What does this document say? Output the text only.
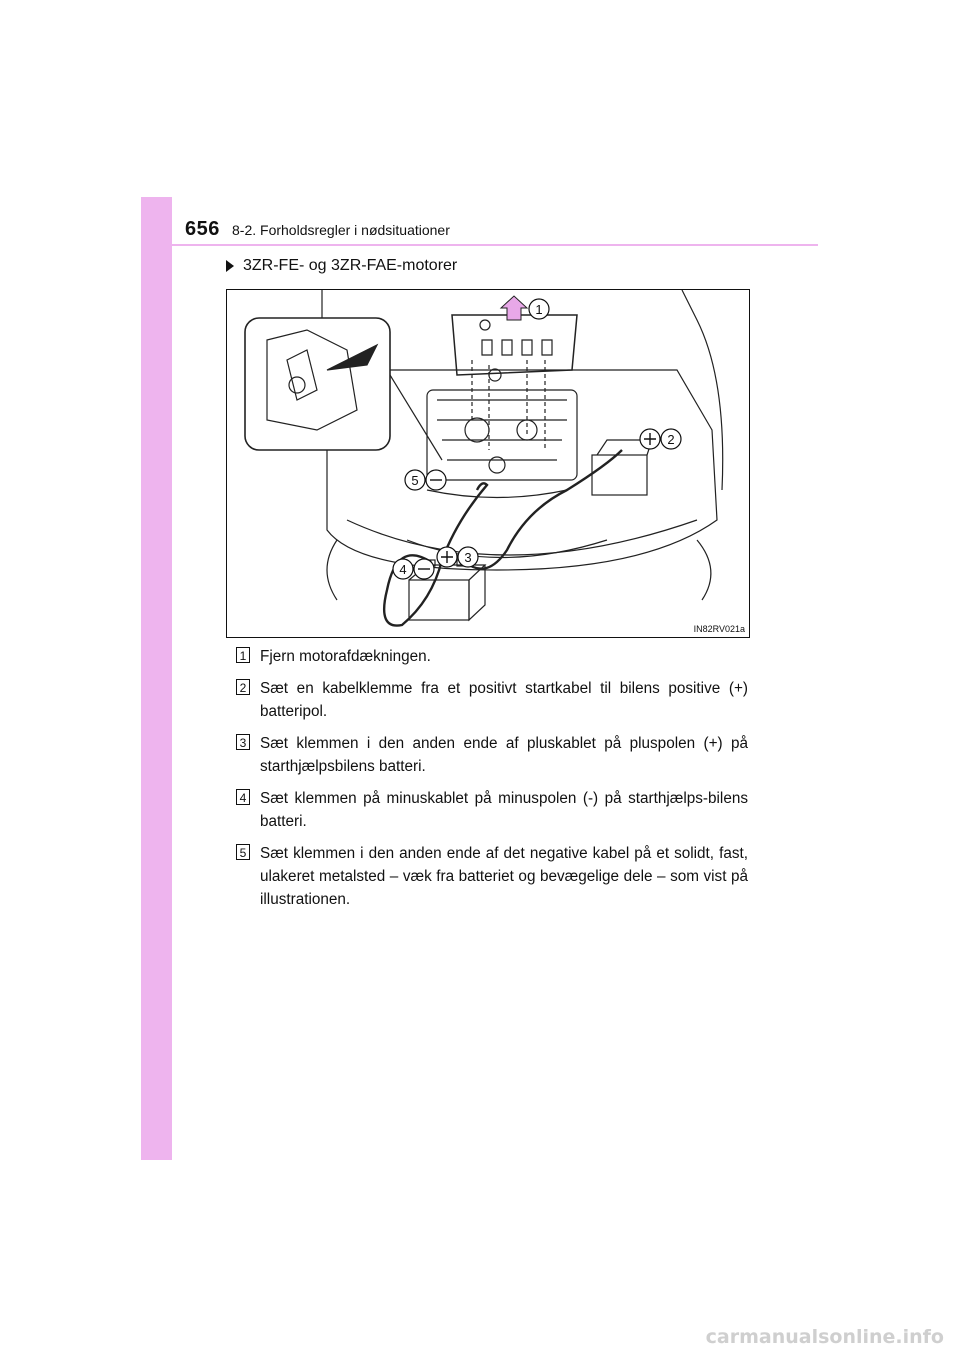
656 8-2. Forholdsregler i nødsituationer
3ZR-FE- og 3ZR-FAE-motorer
1
2
3
4
5
IN82RV021a
1 Fjern motorafdækningen.
2 Sæt en kabelklemme fra et positivt startkabel til bilens positive (+) batteripol.
3 Sæt klemmen i den anden ende af pluskablet på pluspolen (+) på starthjælpsbilens batteri.
4 Sæt klemmen på minuskablet på minuspolen (-) på starthjælps-bilens batteri.
5 Sæt klemmen i den anden ende af det negative kabel på et solidt, fast, ulakeret metalsted – væk fra batteriet og bevægelige dele – som vist på illustrationen.
carmanualsonline.info
